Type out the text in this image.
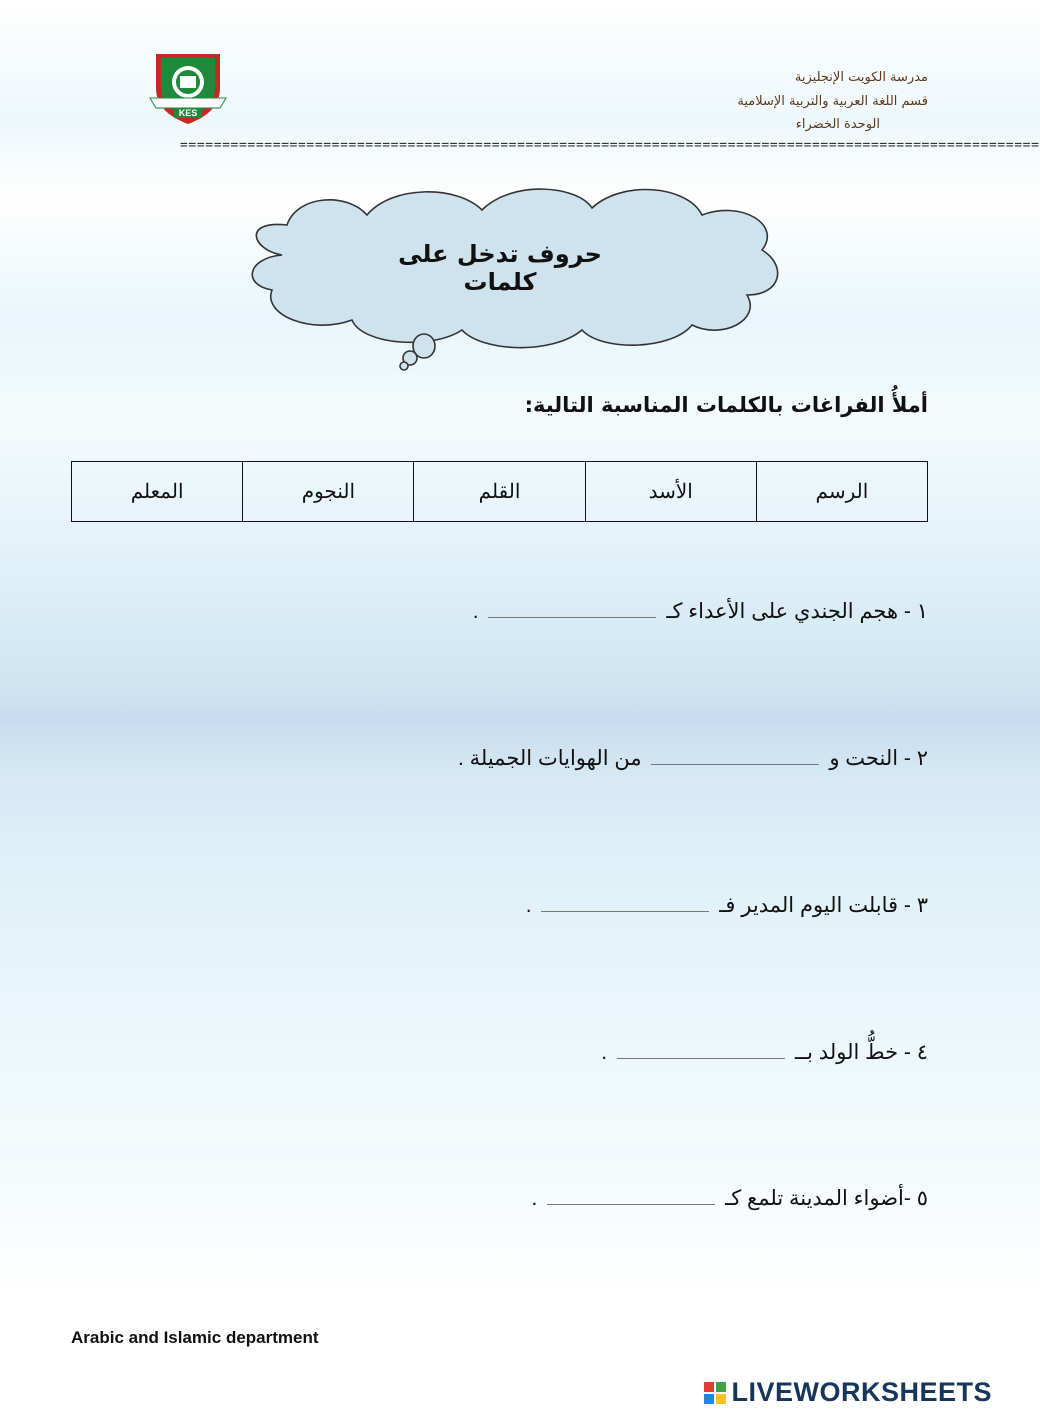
KES
مدرسة الكويت الإنجليزية
قسم اللغة العربية والتربية الإسلامية
الوحدة الخضراء
======================================================================================================
حروف تدخل على كلمات
أملأُ الفراغات بالكلمات المناسبة التالية:
الرسم	الأسد	القلم	النجوم	المعلم
١ - هجم الجندي على الأعداء كـ  .
٢ - النحت و  من الهوايات الجميلة .
٣ - قابلت اليوم المدير فـ  .
٤ - خطُّ الولد بــ  .
٥ -أضواء المدينة تلمع كـ  .
Arabic and Islamic department
LIVEWORKSHEETS
